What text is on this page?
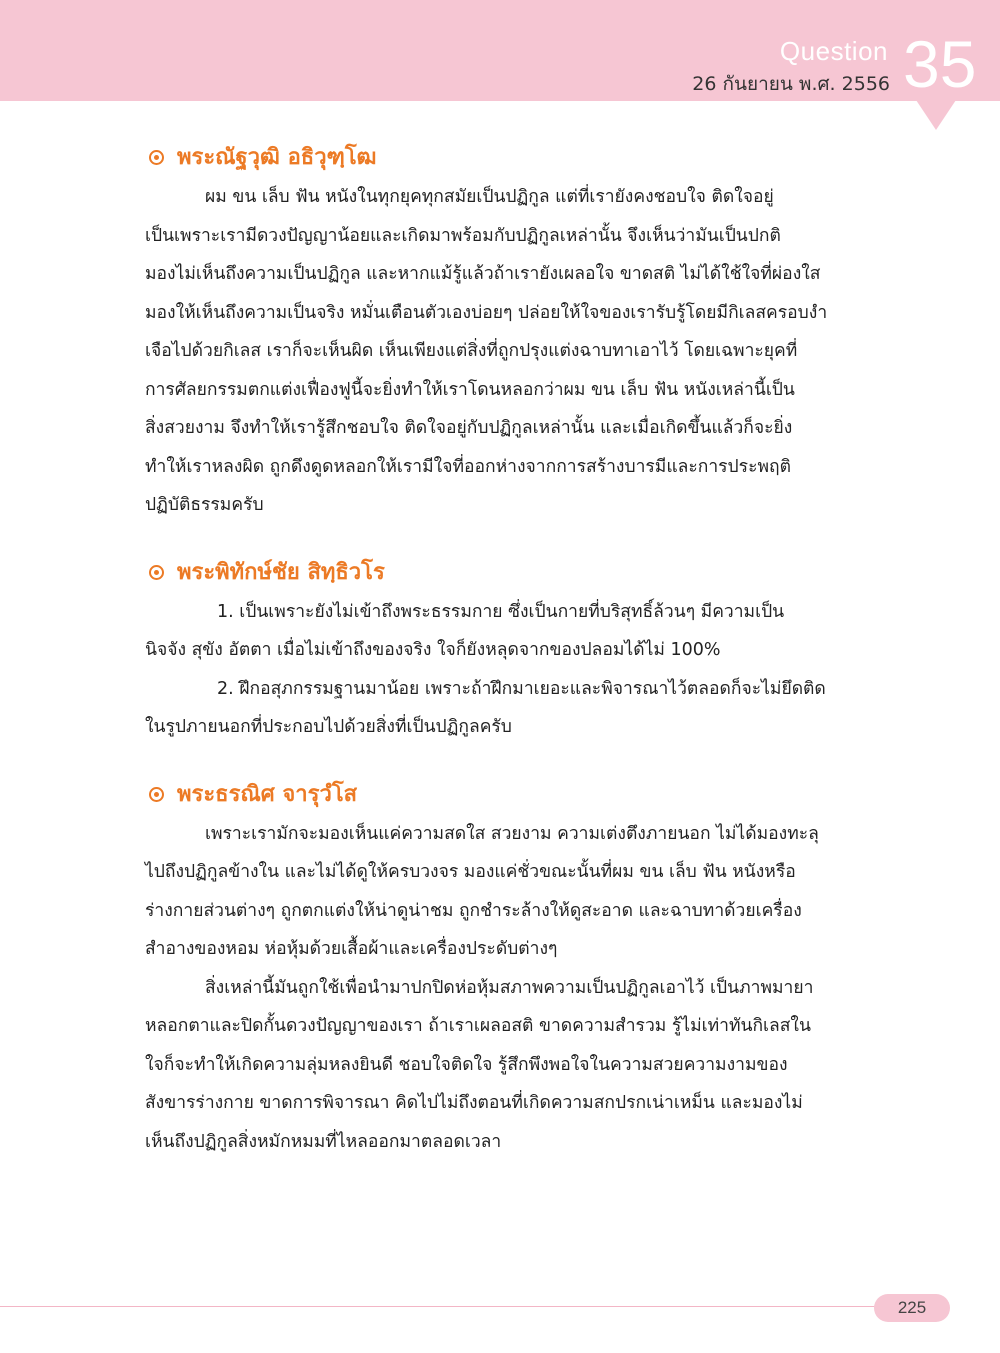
Question
26 กันยายน พ.ศ. 2556 35
พระณัฐวุฒิ อธิวุฑฺโฒ
ผม ขน เล็บ ฟัน หนังในทุกยุคทุกสมัยเป็นปฏิกูล แต่ที่เรายังคงชอบใจ ติดใจอยู่
เป็นเพราะเรามีดวงปัญญาน้อยและเกิดมาพร้อมกับปฏิกูลเหล่านั้น จึงเห็นว่ามันเป็นปกติ
มองไม่เห็นถึงความเป็นปฏิกูล และหากแม้รู้แล้วถ้าเรายังเผลอใจ ขาดสติ ไม่ได้ใช้ใจที่ผ่องใส
มองให้เห็นถึงความเป็นจริง หมั่นเตือนตัวเองบ่อยๆ ปล่อยให้ใจของเรารับรู้โดยมีกิเลสครอบงำ
เจือไปด้วยกิเลส เราก็จะเห็นผิด เห็นเพียงแต่สิ่งที่ถูกปรุงแต่งฉาบทาเอาไว้ โดยเฉพาะยุคที่
การศัลยกรรมตกแต่งเฟื่องฟูนี้จะยิ่งทำให้เราโดนหลอกว่าผม ขน เล็บ ฟัน หนังเหล่านี้เป็น
สิ่งสวยงาม จึงทำให้เรารู้สึกชอบใจ ติดใจอยู่กับปฏิกูลเหล่านั้น และเมื่อเกิดขึ้นแล้วก็จะยิ่ง
ทำให้เราหลงผิด ถูกดึงดูดหลอกให้เรามีใจที่ออกห่างจากการสร้างบารมีและการประพฤติ
ปฏิบัติธรรมครับ
พระพิทักษ์ชัย สิทฺธิวโร
1. เป็นเพราะยังไม่เข้าถึงพระธรรมกาย ซึ่งเป็นกายที่บริสุทธิ์ล้วนๆ มีความเป็น
นิจจัง สุขัง อัตตา เมื่อไม่เข้าถึงของจริง ใจก็ยังหลุดจากของปลอมได้ไม่ 100%
2. ฝึกอสุภกรรมฐานมาน้อย เพราะถ้าฝึกมาเยอะและพิจารณาไว้ตลอดก็จะไม่ยึดติด
ในรูปภายนอกที่ประกอบไปด้วยสิ่งที่เป็นปฏิกูลครับ
พระธรณิศ จารุวํโส
เพราะเรามักจะมองเห็นแค่ความสดใส สวยงาม ความเต่งตึงภายนอก ไม่ได้มองทะลุ
ไปถึงปฏิกูลข้างใน และไม่ได้ดูให้ครบวงจร มองแค่ชั่วขณะนั้นที่ผม ขน เล็บ ฟัน หนังหรือ
ร่างกายส่วนต่างๆ ถูกตกแต่งให้น่าดูน่าชม ถูกชำระล้างให้ดูสะอาด และฉาบทาด้วยเครื่อง
สำอางของหอม ห่อหุ้มด้วยเสื้อผ้าและเครื่องประดับต่างๆ
สิ่งเหล่านี้มันถูกใช้เพื่อนำมาปกปิดห่อหุ้มสภาพความเป็นปฏิกูลเอาไว้ เป็นภาพมายา
หลอกตาและปิดกั้นดวงปัญญาของเรา ถ้าเราเผลอสติ ขาดความสำรวม รู้ไม่เท่าทันกิเลสใน
ใจก็จะทำให้เกิดความลุ่มหลงยินดี ชอบใจติดใจ รู้สึกพึงพอใจในความสวยความงามของ
สังขารร่างกาย ขาดการพิจารณา คิดไปไม่ถึงตอนที่เกิดความสกปรกเน่าเหม็น และมองไม่
เห็นถึงปฏิกูลสิ่งหมักหมมที่ไหลออกมาตลอดเวลา
225
